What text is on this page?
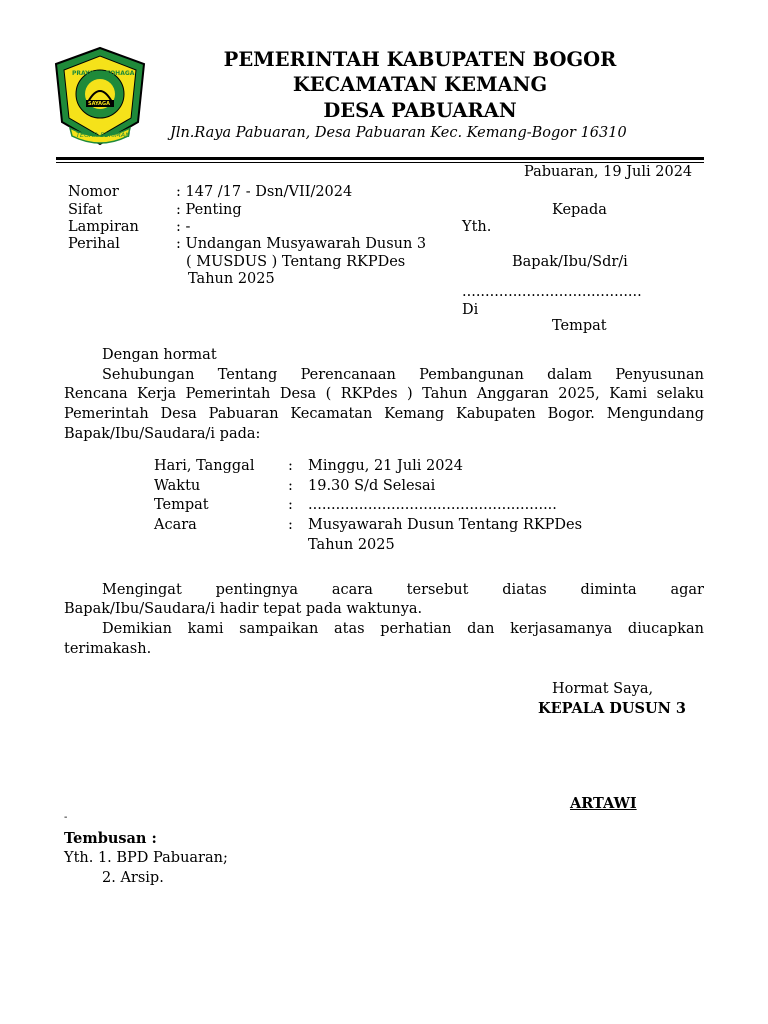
PRAYOGA TOHAGA
SAYAGA
TEGAR BERIMAN
PEMERINTAH KABUPATEN BOGOR
KECAMATAN KEMANG
DESA PABUARAN
Jln.Raya Pabuaran, Desa Pabuaran Kec. Kemang-Bogor 16310
Pabuaran, 19 Juli 2024
Nomor	: 147 /17 - Dsn/VII/2024
Sifat	: Penting
Lampiran	: -
Perihal	: Undangan Musyawarah Dusun 3
( MUSDUS ) Tentang RKPDes
Tahun 2025
Kepada
Yth.
Bapak/Ibu/Sdr/i
.......................................
Di
Tempat
Dengan hormat
Sehubungan Tentang Perencanaan Pembangunan dalam Penyusunan
Rencana Kerja Pemerintah Desa ( RKPdes ) Tahun Anggaran 2025, Kami selaku
Pemerintah Desa Pabuaran Kecamatan Kemang Kabupaten Bogor. Mengundang
Bapak/Ibu/Saudara/i pada:
Hari, Tanggal : Minggu, 21 Juli 2024
Waktu	: 19.30 S/d Selesai
Tempat	: ......................................................
Acara	: Musyawarah Dusun Tentang RKPDes
Tahun 2025
Mengingat pentingnya acara tersebut diatas diminta agar
Bapak/Ibu/Saudara/i hadir tepat pada waktunya.
Demikian kami sampaikan atas perhatian dan kerjasamanya diucapkan
terimakash.
Hormat Saya,
KEPALA DUSUN 3
ARTAWI
-
Tembusan :
Yth. 1. BPD Pabuaran;
2. Arsip.
